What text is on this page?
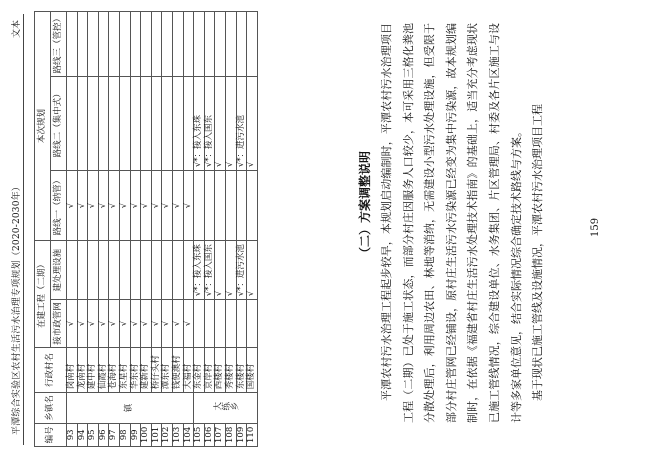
平潭综合实验区农村生活污水治理专项规划（2020-2030年）
文本
编号	乡镇名	行政村名	在建工程（二期）		本次规划		
			接市政管网	建处理设施	路线一（纳管）	路线二（集中式）	路线三（管控）
93	镇	岗南村	√		√		
94		龙南村	√		√		
95		建中村	√		√		
96		仙霞村	√		√		
97		苍海村	√		√		
98		东星村	√		√		
99		华东村	√		√		
100		建新村	√		√		
101		桥仔头村	√		√		
102		潭东村	√		√		
103		钱便澳村	√		√		
104		大福村	√		√		
105	大练乡	东金村		√*：接入东珠		√*：接入东珠	
106		京岸村		√*：接入国东		√*：接入国东	
107		西楼村		√		√	
108		秀楼村		√		√	
109		东楼村		√*：进污水池		√*：进污水池	
110		国楼村		√		√		（二）方案调整说明 平潭农村污水治理工程起步较早，本规划启动编制时，平潭农村污水治理项目工程（二期）已处于施工状态，而部分村庄因服务人口较少，本可采用三格化粪池分散处理后，利用周边农田、林地等消纳，无需建设小型污水处理设施，但受限于部分村庄管网已经铺设，原村庄生活污水污染源已经变为集中污染源，故本规划编制时，在依据《福建省村庄生活污水处理技术指南》的基础上，适当充分考虑现状已施工管线情况，综合建设单位、水务集团、片区管理局、村委及各片区施工与设计等多家单位意见，结合实际情况综合确定技术路线与方案。 基于现状已施工管线及设施情况，平潭农村污水治理项目工程	159
